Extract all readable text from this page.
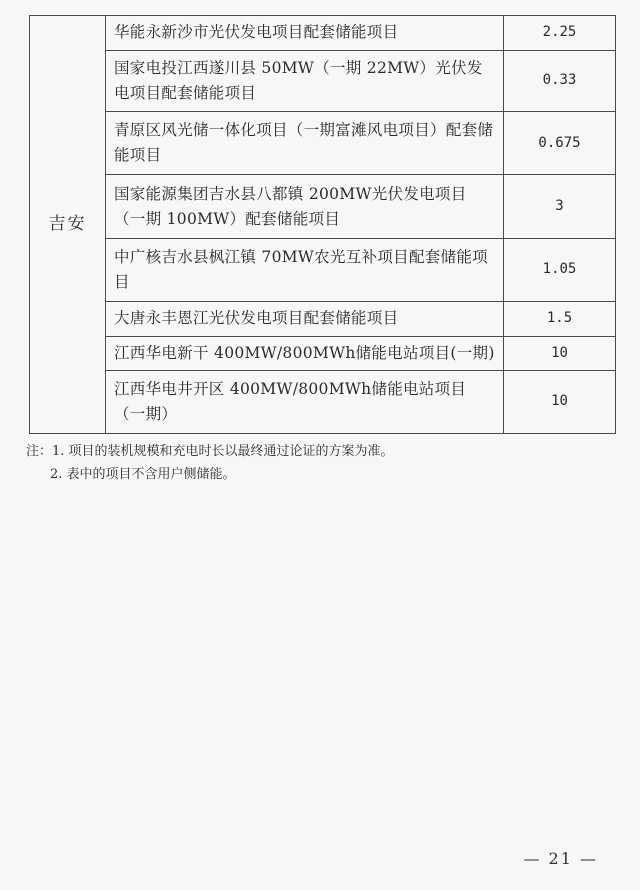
吉安	华能永新沙市光伏发电项目配套储能项目	2.25
	国家电投江西遂川县 50MW（一期 22MW）光伏发电项目配套储能项目	0.33
	青原区风光储一体化项目（一期富滩风电项目）配套储能项目	0.675
	国家能源集团吉水县八都镇 200MW光伏发电项目（一期 100MW）配套储能项目	3
	中广核吉水县枫江镇 70MW农光互补项目配套储能项目	1.05
	大唐永丰恩江光伏发电项目配套储能项目	1.5
	江西华电新干 400MW/800MWh储能电站项目(一期)	10
	江西华电井开区 400MW/800MWh储能电站项目（一期）	10
注：1. 项目的装机规模和充电时长以最终通过论证的方案为准。
2. 表中的项目不含用户侧储能。
— 21 —
